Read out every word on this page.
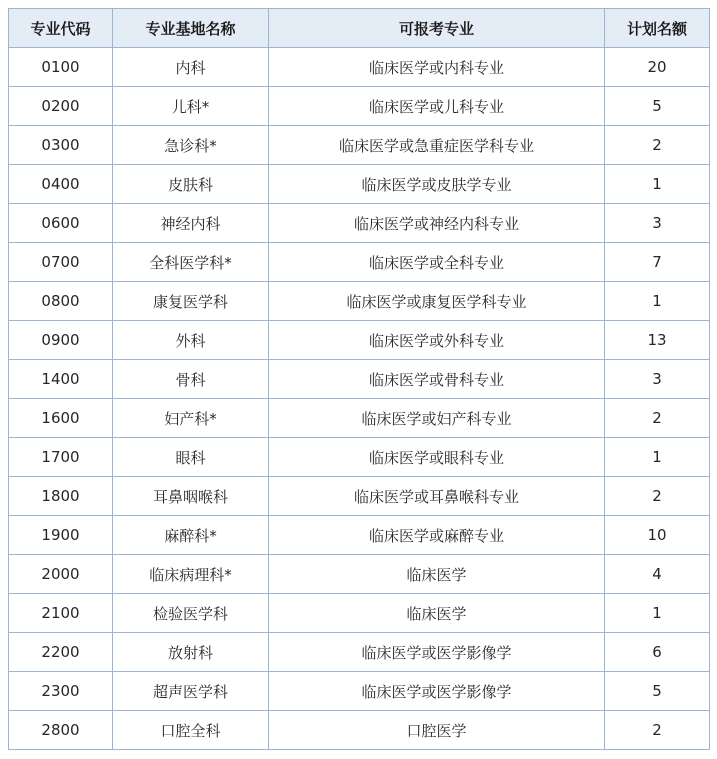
专业代码	专业基地名称	可报考专业	计划名额
0100	内科	临床医学或内科专业	20
0200	儿科*	临床医学或儿科专业	5
0300	急诊科*	临床医学或急重症医学科专业	2
0400	皮肤科	临床医学或皮肤学专业	1
0600	神经内科	临床医学或神经内科专业	3
0700	全科医学科*	临床医学或全科专业	7
0800	康复医学科	临床医学或康复医学科专业	1
0900	外科	临床医学或外科专业	13
1400	骨科	临床医学或骨科专业	3
1600	妇产科*	临床医学或妇产科专业	2
1700	眼科	临床医学或眼科专业	1
1800	耳鼻咽喉科	临床医学或耳鼻喉科专业	2
1900	麻醉科*	临床医学或麻醉专业	10
2000	临床病理科*	临床医学	4
2100	检验医学科	临床医学	1
2200	放射科	临床医学或医学影像学	6
2300	超声医学科	临床医学或医学影像学	5
2800	口腔全科	口腔医学	2
